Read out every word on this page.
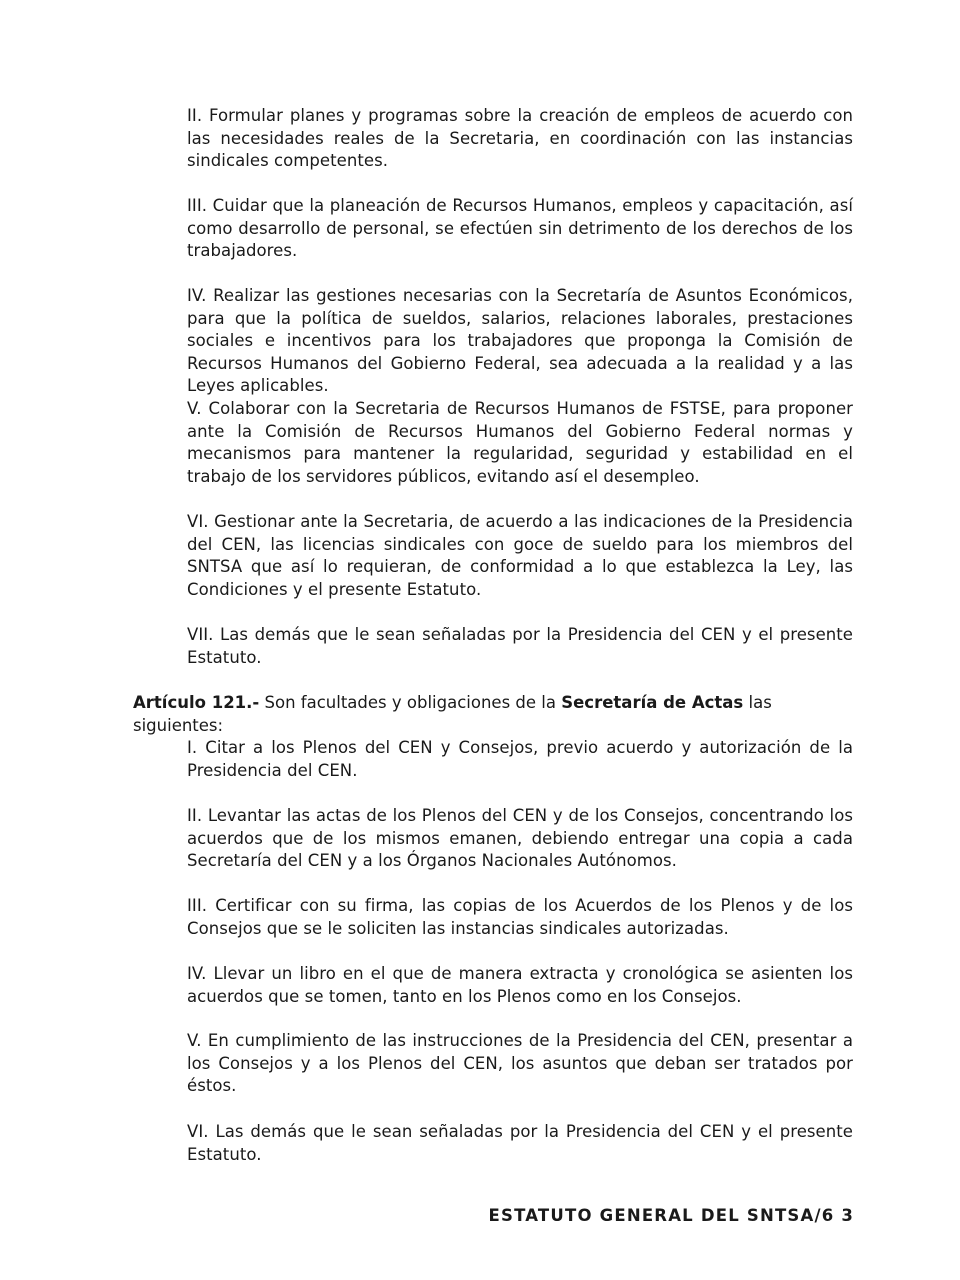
II. Formular planes y programas sobre la creación de empleos de acuerdo con las necesidades reales de la Secretaria, en coordinación con las instancias sindicales competentes.

III. Cuidar que la planeación de Recursos Humanos, empleos y capacitación, así como desarrollo de personal, se efectúen sin detrimento de los derechos de los trabajadores.

IV. Realizar las gestiones necesarias con la Secretaría de Asuntos Económicos, para que la política de sueldos, salarios, relaciones laborales, prestaciones sociales e incentivos para los trabajadores que proponga la Comisión de Recursos Humanos del Gobierno Federal, sea adecuada a la realidad y a las Leyes aplicables.

V. Colaborar con la Secretaria de Recursos Humanos de FSTSE, para proponer ante la Comisión de Recursos Humanos del Gobierno Federal normas y mecanismos para mantener la regularidad, seguridad y estabilidad en el trabajo de los servidores públicos, evitando así el desempleo.

VI. Gestionar ante la Secretaria, de acuerdo a las indicaciones de la Presidencia del CEN, las licencias sindicales con goce de sueldo para los miembros del SNTSA que así lo requieran, de conformidad a lo que establezca la Ley, las Condiciones y el presente Estatuto.

VII. Las demás que le sean señaladas por la Presidencia del CEN y el presente Estatuto.

Artículo 121.- Son facultades y obligaciones de la Secretaría de Actas las siguientes:

I. Citar a los Plenos del CEN y Consejos, previo acuerdo y autorización de la Presidencia del CEN.

II. Levantar las actas de los Plenos del CEN y de los Consejos, concentrando los acuerdos que de los mismos emanen, debiendo entregar una copia a cada Secretaría del CEN y a los Órganos Nacionales Autónomos.

III. Certificar con su firma, las copias de los Acuerdos de los Plenos y de los Consejos que se le soliciten las instancias sindicales autorizadas.

IV. Llevar un libro en el que de manera extracta y cronológica se asienten los acuerdos que se tomen, tanto en los Plenos como en los Consejos.

V. En cumplimiento de las instrucciones de la Presidencia del CEN, presentar a los Consejos y a los Plenos del CEN, los asuntos que deban ser tratados por éstos.

VI. Las demás que le sean señaladas por la Presidencia del CEN y el presente Estatuto.

ESTATUTO GENERAL DEL SNTSA/6 3
